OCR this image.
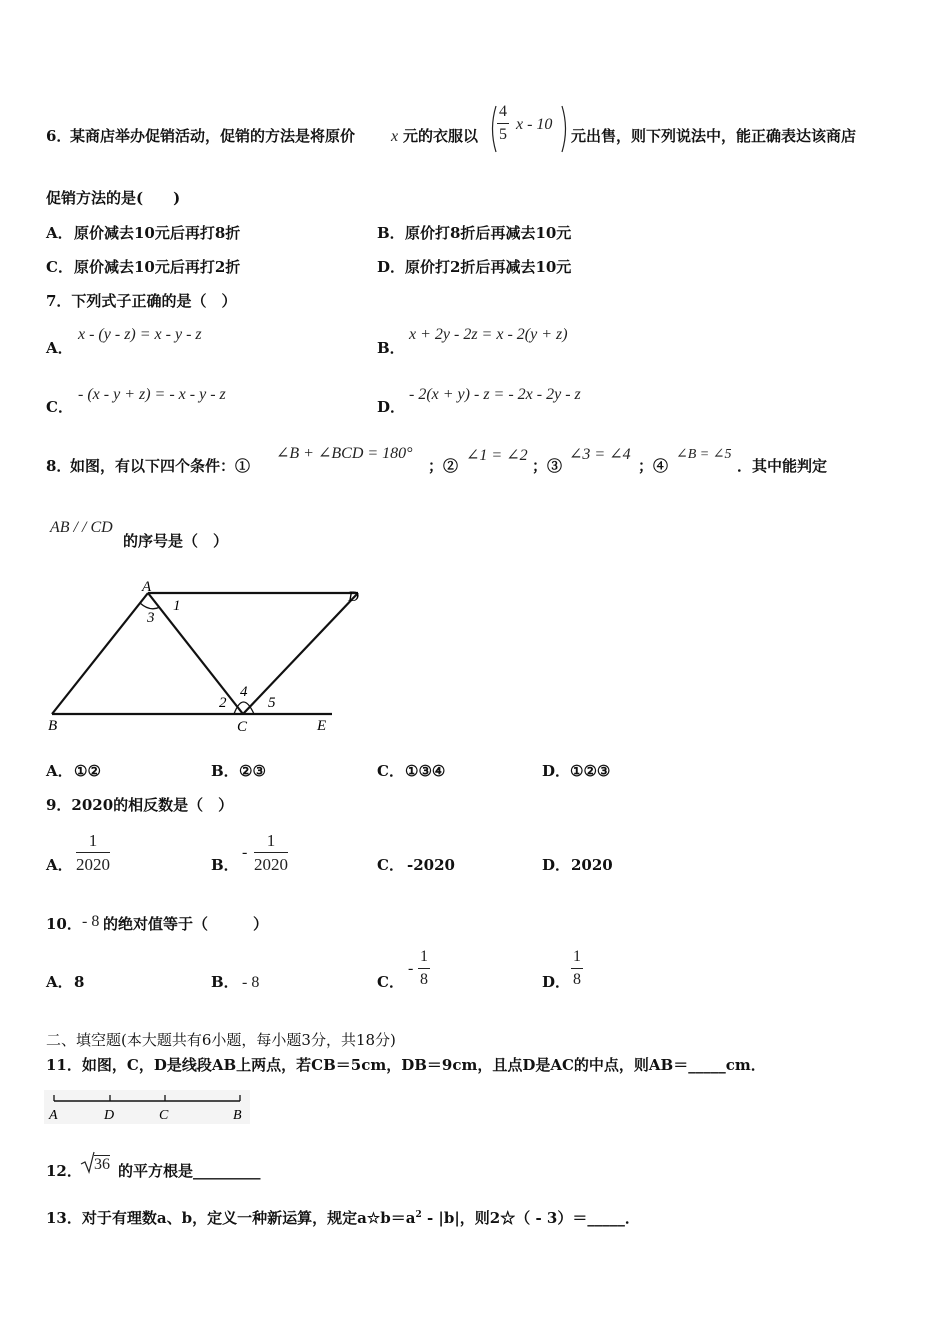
6．
某商店举办促销活动，促销的方法是将原价 x 元的衣服以 $\frac{4}{5}$ x - 10
元出售，则下列说法中，能正确表达该商店
促销方法的是(　　)
A． 原价减去10元后再打8折	B． 原价打8折后再减去10元
C． 原价减去10元后再打2折	D． 原价打2折后再减去10元
7．下列式子正确的是（　）
A．
x - (y - z) = x - y - z
B．
x + 2y - 2z = x - 2(y + z)
C．
- (x - y + z) = - x - y - z
D．
- 2(x + y) - z = - 2x - 2y - z
8．
如图，有以下四个条件：①
∠B + ∠BCD = 180°
；②
∠1 = ∠2
；③
∠3 = ∠4
；④
∠B = ∠5
．其中能判定
AB / / CD
的序号是（　）
A
D
B	C	E
1
3
2
4
5
A． ①②	B． ②③	C． ①③④	D． ①②③
9．2020的相反数是（　）
A． $\frac{1}{2020}$	B．
- $\frac{1}{2020}$	C． -2020	D． 2020
10． - 8 的绝对值等于（　　　）
A． 8	B． - 8	C．
- $\frac{1}{8}$	D． $\frac{1}{8}$
二、填空题(本大题共有6小题，每小题3分，共18分)
11．如图，C，D是线段AB上两点，若CB＝5cm，DB＝9cm，且点D是AC的中点，则AB＝_____cm．
A	D	C	B
12． 36 的平方根是_________
13．对于有理数a、b，定义一种新运算，规定$a☆b=a^2 - |b|$，则2☆（ - 3）＝_____．
